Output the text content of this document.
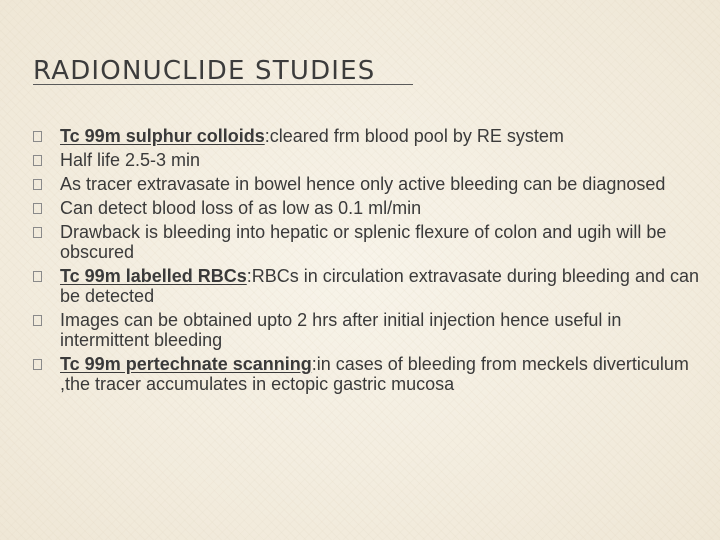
RADIONUCLIDE STUDIES
Tc 99m sulphur colloids:cleared frm blood pool by RE system
Half life 2.5-3 min
As tracer extravasate in bowel hence only active bleeding can be diagnosed
Can detect blood loss of as low as 0.1 ml/min
Drawback is bleeding into hepatic or splenic flexure of colon and ugih will be obscured
Tc 99m labelled RBCs:RBCs in circulation extravasate during bleeding and can be detected
Images can be obtained upto 2 hrs after initial injection hence useful in intermittent bleeding
Tc 99m pertechnate scanning:in cases of bleeding from meckels diverticulum ,the tracer accumulates in ectopic gastric mucosa
